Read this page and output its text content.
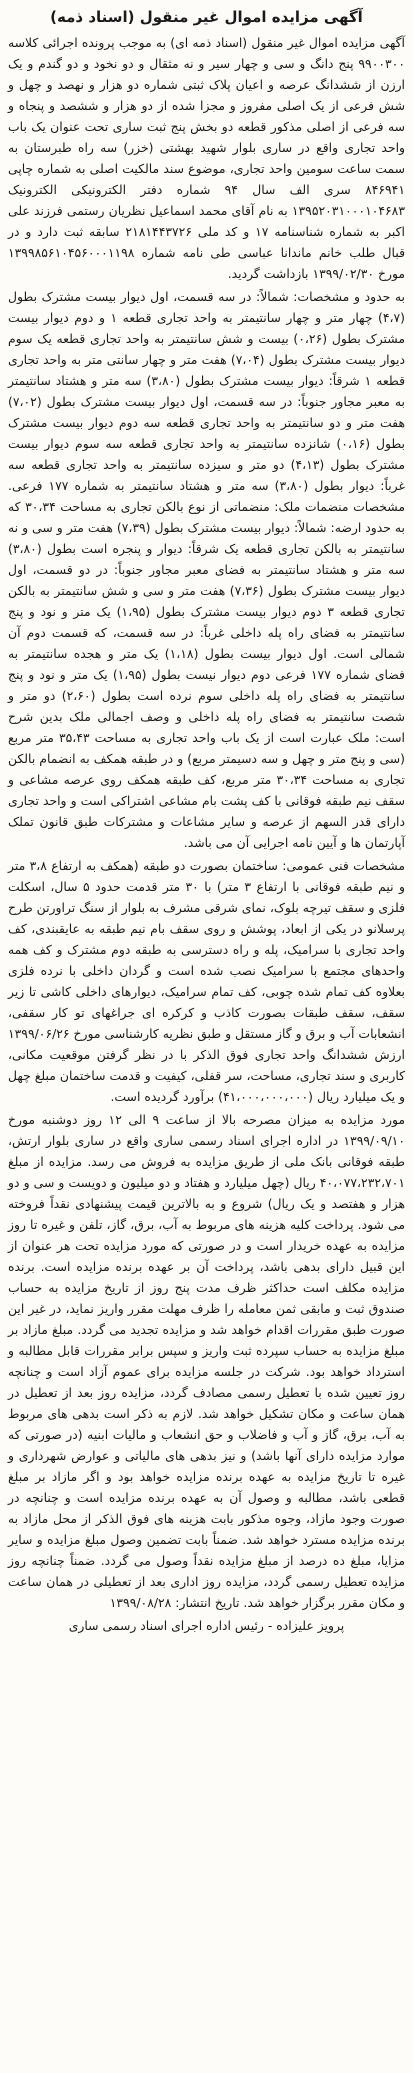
آگهی مزایده اموال غیر منقول (اسناد ذمه)

آگهی مزایده اموال غیر منقول (اسناد ذمه ای) به موجب پرونده اجرائی کلاسه ۹۹۰۰۳۰۰ پنج دانگ و سی و چهار سیر و نه مثقال و دو نخود و دو گندم و یک ارزن از ششدانگ عرصه و اعیان پلاک ثبتی شماره دو هزار و نهصد و چهل و شش فرعی از یک اصلی مفروز و مجزا شده از دو هزار و ششصد و پنجاه و سه فرعی از اصلی مذکور قطعه دو بخش پنج ثبت ساری تحت عنوان یک باب واحد تجاری واقع در ساری بلوار شهید بهشتی (خزر) سه راه طبرستان به سمت ساعت سومین واحد تجاری، موضوع سند مالکیت اصلی به شماره چاپی ۸۴۶۹۴۱ سری الف سال ۹۴ شماره دفتر الکترونیکی الکترونیک ۱۳۹۵۲۰۳۱۰۰۰۱۰۴۶۸۳ به نام آقای محمد اسماعیل نظریان رستمی فرزند علی اکبر به شماره شناسنامه ۱۷ و کد ملی ۲۱۸۱۴۴۳۷۲۶ سابقه ثبت دارد و در قبال طلب خانم ماندانا عباسی طی نامه شماره ۱۳۹۹۸۵۶۱۰۴۵۶۰۰۰۱۱۹۸ مورخ ۱۳۹۹/۰۲/۳۰ بازداشت گردید.

به حدود و مشخصات: شمالاً: در سه قسمت، اول دیوار بیست مشترک بطول (۴،۷) چهار متر و چهار سانتیمتر به واحد تجاری قطعه ۱ و دوم دیوار بیست مشترک بطول (۰،۲۶) بیست و شش سانتیمتر به واحد تجاری قطعه یک سوم دیوار بیست مشترک بطول (۷،۰۴) هفت متر و چهار سانتی متر به واحد تجاری قطعه ۱ شرقاً: دیوار بیست مشترک بطول (۳،۸۰) سه متر و هشتاد سانتیمتر به معبر مجاور جنوباً: در سه قسمت، اول دیوار بیست مشترک بطول (۷،۰۲) هفت متر و دو سانتیمتر به واحد تجاری قطعه سه دوم دیوار بیست مشترک بطول (۰،۱۶) شانزده سانتیمتر به واحد تجاری قطعه سه سوم دیوار بیست مشترک بطول (۴،۱۳) دو متر و سیزده سانتیمتر به واحد تجاری قطعه سه غرباً: دیوار بطول (۳،۸۰) سه متر و هشتاد سانتیمتر به شماره ۱۷۷ فرعی. مشخصات منضمات ملک: منضماتی از نوع بالکن تجاری به مساحت ۳۰،۳۴ که به حدود ارضه: شمالاً: دیوار بیست مشترک بطول (۷،۳۹) هفت متر و سی و نه سانتیمتر به بالکن تجاری قطعه یک شرقاً: دیوار و پنجره است بطول (۳،۸۰) سه متر و هشتاد سانتیمتر به فضای معبر مجاور جنوباً: در دو قسمت، اول دیوار بیست مشترک بطول (۷،۳۶) هفت متر و سی و شش سانتیمتر به بالکن تجاری قطعه ۳ دوم دیوار بیست مشترک بطول (۱،۹۵) یک متر و نود و پنج سانتیمتر به فضای راه پله داخلی غرباً: در سه قسمت، که قسمت دوم آن شمالی است. اول دیوار بیست بطول (۱،۱۸) یک متر و هجده سانتیمتر به فضای شماره ۱۷۷ فرعی دوم دیوار نیست بطول (۱،۹۵) یک متر و نود و پنج سانتیمتر به فضای راه پله داخلی سوم نرده است بطول (۲،۶۰) دو متر و شصت سانتیمتر به فضای راه پله داخلی و وصف اجمالی ملک بدین شرح است: ملک عبارت است از یک باب واحد تجاری به مساحت ۳۵،۴۳ متر مربع (سی و پنج متر و چهل و سه دسیمتر مربع) و در طبقه همکف به انضمام بالکن تجاری به مساحت ۳۰،۳۴ متر مربع، کف طبقه همکف روی عرصه مشاعی و سقف نیم طبقه فوقانی با کف پشت بام مشاعی اشتراکی است و واحد تجاری دارای قدر السهم از عرصه و سایر مشاعات و مشترکات طبق قانون تملک آپارتمان ها و آیین نامه اجرایی آن می باشد.

مشخصات فنی عمومی: ساختمان بصورت دو طبقه (همکف به ارتفاع ۳،۸ متر و نیم طبقه فوقانی با ارتفاع ۳ متر) با ۳۰ متر قدمت حدود ۵ سال، اسکلت فلزی و سقف تیرچه بلوک، نمای شرقی مشرف به بلوار از سنگ تراورتن طرح پرسلانو در یکی از ابعاد، پوشش و روی سقف بام نیم طبقه به عایقبندی، کف واحد تجاری با سرامیک، پله و راه دسترسی به طبقه دوم مشترک و کف همه واحدهای مجتمع با سرامیک نصب شده است و گردان داخلی با نرده فلزی بعلاوه کف تمام شده چوبی، کف تمام سرامیک، دیوارهای داخلی کاشی تا زیر سقف، سقف طبقات بصورت کاذب و کرکره ای جراغهای تو کار سقفی، انشعابات آب و برق و گاز مستقل و طبق نظریه کارشناسی مورخ ۱۳۹۹/۰۶/۲۶ ارزش ششدانگ واحد تجاری فوق الذکر با در نظر گرفتن موقعیت مکانی، کاربری و سند تجاری، مساحت، سر قفلی، کیفیت و قدمت ساختمان مبلغ چهل و یک میلیارد ریال (۴۱،۰۰۰،۰۰۰،۰۰۰) برآورد گردیده است.

مورد مزایده به میزان مصرحه بالا از ساعت ۹ الی ۱۲ روز دوشنبه مورخ ۱۳۹۹/۰۹/۱۰ در اداره اجرای اسناد رسمی ساری واقع در ساری بلوار ارتش، طبقه فوقانی بانک ملی از طریق مزایده به فروش می رسد. مزایده از مبلغ ۴۰،۰۷۷،۲۳۲،۷۰۱ ریال (چهل میلیارد و هفتاد و دو میلیون و دویست و سی و دو هزار و هفتصد و یک ریال) شروع و به بالاترین قیمت پیشنهادی نقداً فروخته می شود. پرداخت کلیه هزینه های مربوط به آب، برق، گاز، تلفن و غیره تا روز مزایده به عهده خریدار است و در صورتی که مورد مزایده تحت هر عنوان از این قبیل دارای بدهی باشد، پرداخت آن بر عهده برنده مزایده است. برنده مزایده مکلف است حداکثر ظرف مدت پنج روز از تاریخ مزایده به حساب صندوق ثبت و مابقی ثمن معامله را ظرف مهلت مقرر واریز نماید، در غیر این صورت طبق مقررات اقدام خواهد شد و مزایده تجدید می گردد. مبلغ مازاد بر مبلغ مزایده به حساب سپرده ثبت واریز و سپس برابر مقررات قابل مطالبه و استرداد خواهد بود. شرکت در جلسه مزایده برای عموم آزاد است و چنانچه روز تعیین شده با تعطیل رسمی مصادف گردد، مزایده روز بعد از تعطیل در همان ساعت و مکان تشکیل خواهد شد. لازم به ذکر است بدهی های مربوط به آب، برق، گاز و آب و فاضلاب و حق انشعاب و مالیات ابنیه (در صورتی که موارد مزایده دارای آنها باشد) و نیز بدهی های مالیاتی و عوارض شهرداری و غیره تا تاریخ مزایده به عهده برنده مزایده خواهد بود و اگر مازاد بر مبلغ قطعی باشد، مطالبه و وصول آن به عهده برنده مزایده است و چنانچه در صورت وجود مازاد، وجوه مذکور بابت هزینه های فوق الذکر از محل مازاد به برنده مزایده مسترد خواهد شد. ضمناً بابت تضمین وصول مبلغ مزایده و سایر مزایا، مبلغ ده درصد از مبلغ مزایده نقداً وصول می گردد. ضمناً چنانچه روز مزایده تعطیل رسمی گردد، مزایده روز اداری بعد از تعطیلی در همان ساعت و مکان مقرر برگزار خواهد شد. تاریخ انتشار: ۱۳۹۹/۰۸/۲۸

پرویز علیزاده - رئیس اداره اجرای اسناد رسمی ساری
